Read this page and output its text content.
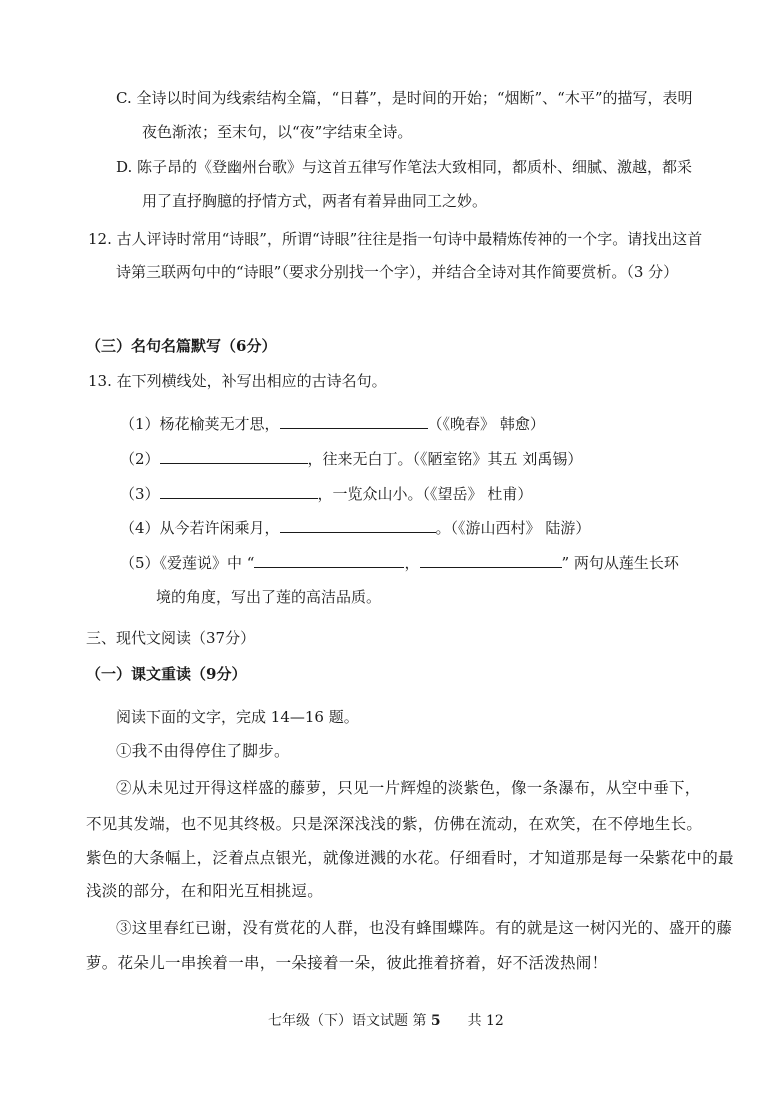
C. 全诗以时间为线索结构全篇，“日暮”，是时间的开始；“烟断”、“木平”的描写，表明
夜色渐浓；至末句，以“夜”字结束全诗。
D. 陈子昂的《登幽州台歌》与这首五律写作笔法大致相同，都质朴、细腻、激越，都采
用了直抒胸臆的抒情方式，两者有着异曲同工之妙。
12. 古人评诗时常用“诗眼”，所谓“诗眼”往往是指一句诗中最精炼传神的一个字。请找出这首
诗第三联两句中的“诗眼”（要求分别找一个字），并结合全诗对其作简要赏析。（3 分）
（三）名句名篇默写（6分）
13. 在下列横线处，补写出相应的古诗名句。
（1）杨花榆荚无才思，	（《晚春》 韩愈）
（2）	，往来无白丁。（《陋室铭》其五 刘禹锡）
（3）	，一览众山小。（《望岳》 杜甫）
（4）从今若许闲乘月，	。（《游山西村》 陆游）
（5）《爱莲说》中 “	，	” 两句从莲生长环
境的角度，写出了莲的高洁品质。
三、现代文阅读（37分）
（一）课文重读（9分）
阅读下面的文字，完成 14—16 题。
①我不由得停住了脚步。
②从未见过开得这样盛的藤萝，只见一片辉煌的淡紫色，像一条瀑布，从空中垂下，
不见其发端，也不见其终极。只是深深浅浅的紫，仿佛在流动，在欢笑，在不停地生长。
紫色的大条幅上，泛着点点银光，就像迸溅的水花。仔细看时，才知道那是每一朵紫花中的最
浅淡的部分，在和阳光互相挑逗。
③这里春红已谢，没有赏花的人群，也没有蜂围蝶阵。有的就是这一树闪光的、盛开的藤
萝。花朵儿一串挨着一串，一朵接着一朵，彼此推着挤着，好不活泼热闹！
七年级（下）语文试题 第 5 共 12
